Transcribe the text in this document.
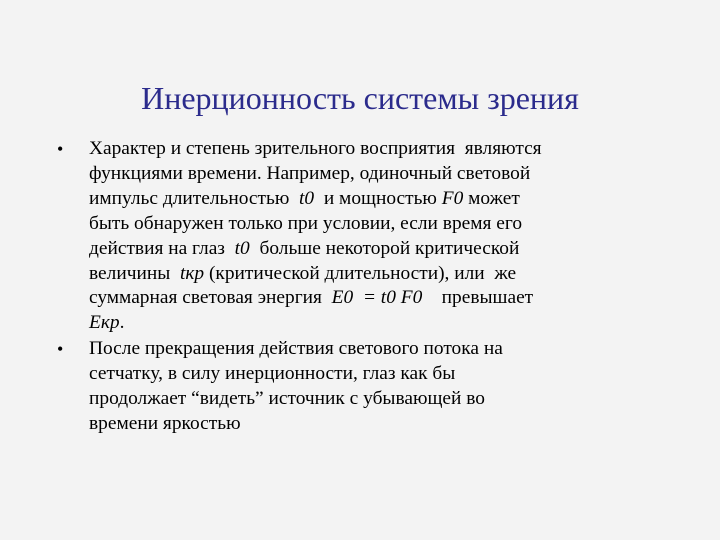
Инерционность системы зрения
• Характер и степень зрительного восприятия  являются
функциями времени. Например, одиночный световой
импульс длительностью  t0  и мощностью F0 может
быть обнаружен только при условии, если время его
действия на глаз  t0  больше некоторой критической
величины  tкр (критической длительности), или  же
суммарная световая энергия  E0  = t0 F0    превышает
Eкр.
• После прекращения действия светового потока на
сетчатку, в силу инерционности, глаз как бы
продолжает “видеть” источник с убывающей во
времени яркостью
